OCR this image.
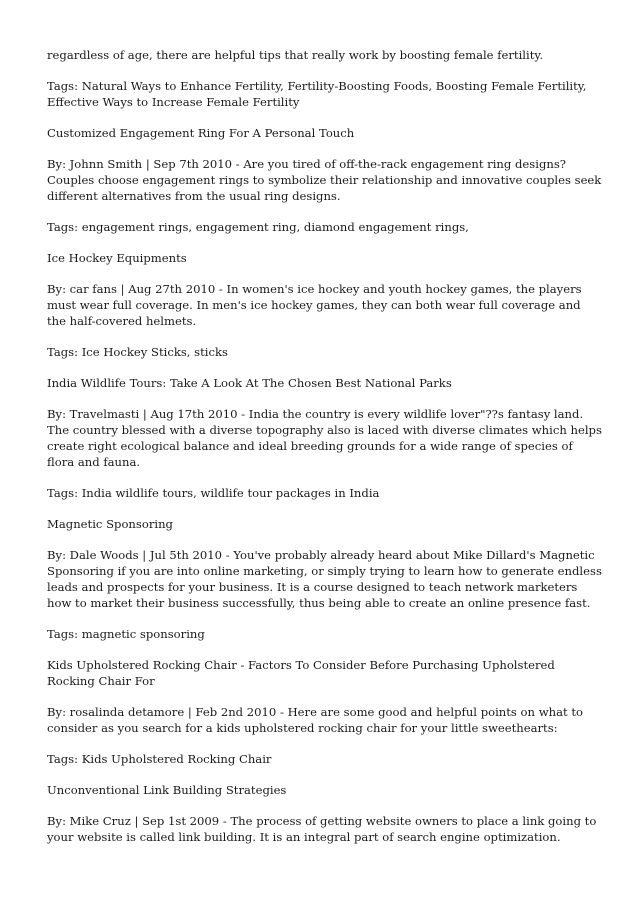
regardless of age, there are helpful tips that really work by boosting female fertility.

Tags: Natural Ways to Enhance Fertility, Fertility-Boosting Foods, Boosting Female Fertility, Effective Ways to Increase Female Fertility

Customized Engagement Ring For A Personal Touch

By: Johnn Smith | Sep 7th 2010 - Are you tired of off-the-rack engagement ring designs? Couples choose engagement rings to symbolize their relationship and innovative couples seek different alternatives from the usual ring designs.

Tags: engagement rings, engagement ring, diamond engagement rings,

Ice Hockey Equipments

By: car fans | Aug 27th 2010 - In women's ice hockey and youth hockey games, the players must wear full coverage. In men's ice hockey games, they can both wear full coverage and the half-covered helmets.

Tags: Ice Hockey Sticks, sticks

India Wildlife Tours: Take A Look At The Chosen Best National Parks

By: Travelmasti | Aug 17th 2010 - India the country is every wildlife lover"??s fantasy land. The country blessed with a diverse topography also is laced with diverse climates which helps create right ecological balance and ideal breeding grounds for a wide range of species of flora and fauna.

Tags: India wildlife tours, wildlife tour packages in India

Magnetic Sponsoring

By: Dale Woods | Jul 5th 2010 - You've probably already heard about Mike Dillard's Magnetic Sponsoring if you are into online marketing, or simply trying to learn how to generate endless leads and prospects for your business. It is a course designed to teach network marketers how to market their business successfully, thus being able to create an online presence fast.

Tags: magnetic sponsoring

Kids Upholstered Rocking Chair - Factors To Consider Before Purchasing Upholstered Rocking Chair For

By: rosalinda detamore | Feb 2nd 2010 - Here are some good and helpful points on what to consider as you search for a kids upholstered rocking chair for your little sweethearts:

Tags: Kids Upholstered Rocking Chair

Unconventional Link Building Strategies

By: Mike Cruz | Sep 1st 2009 - The process of getting website owners to place a link going to your website is called link building. It is an integral part of search engine optimization.
